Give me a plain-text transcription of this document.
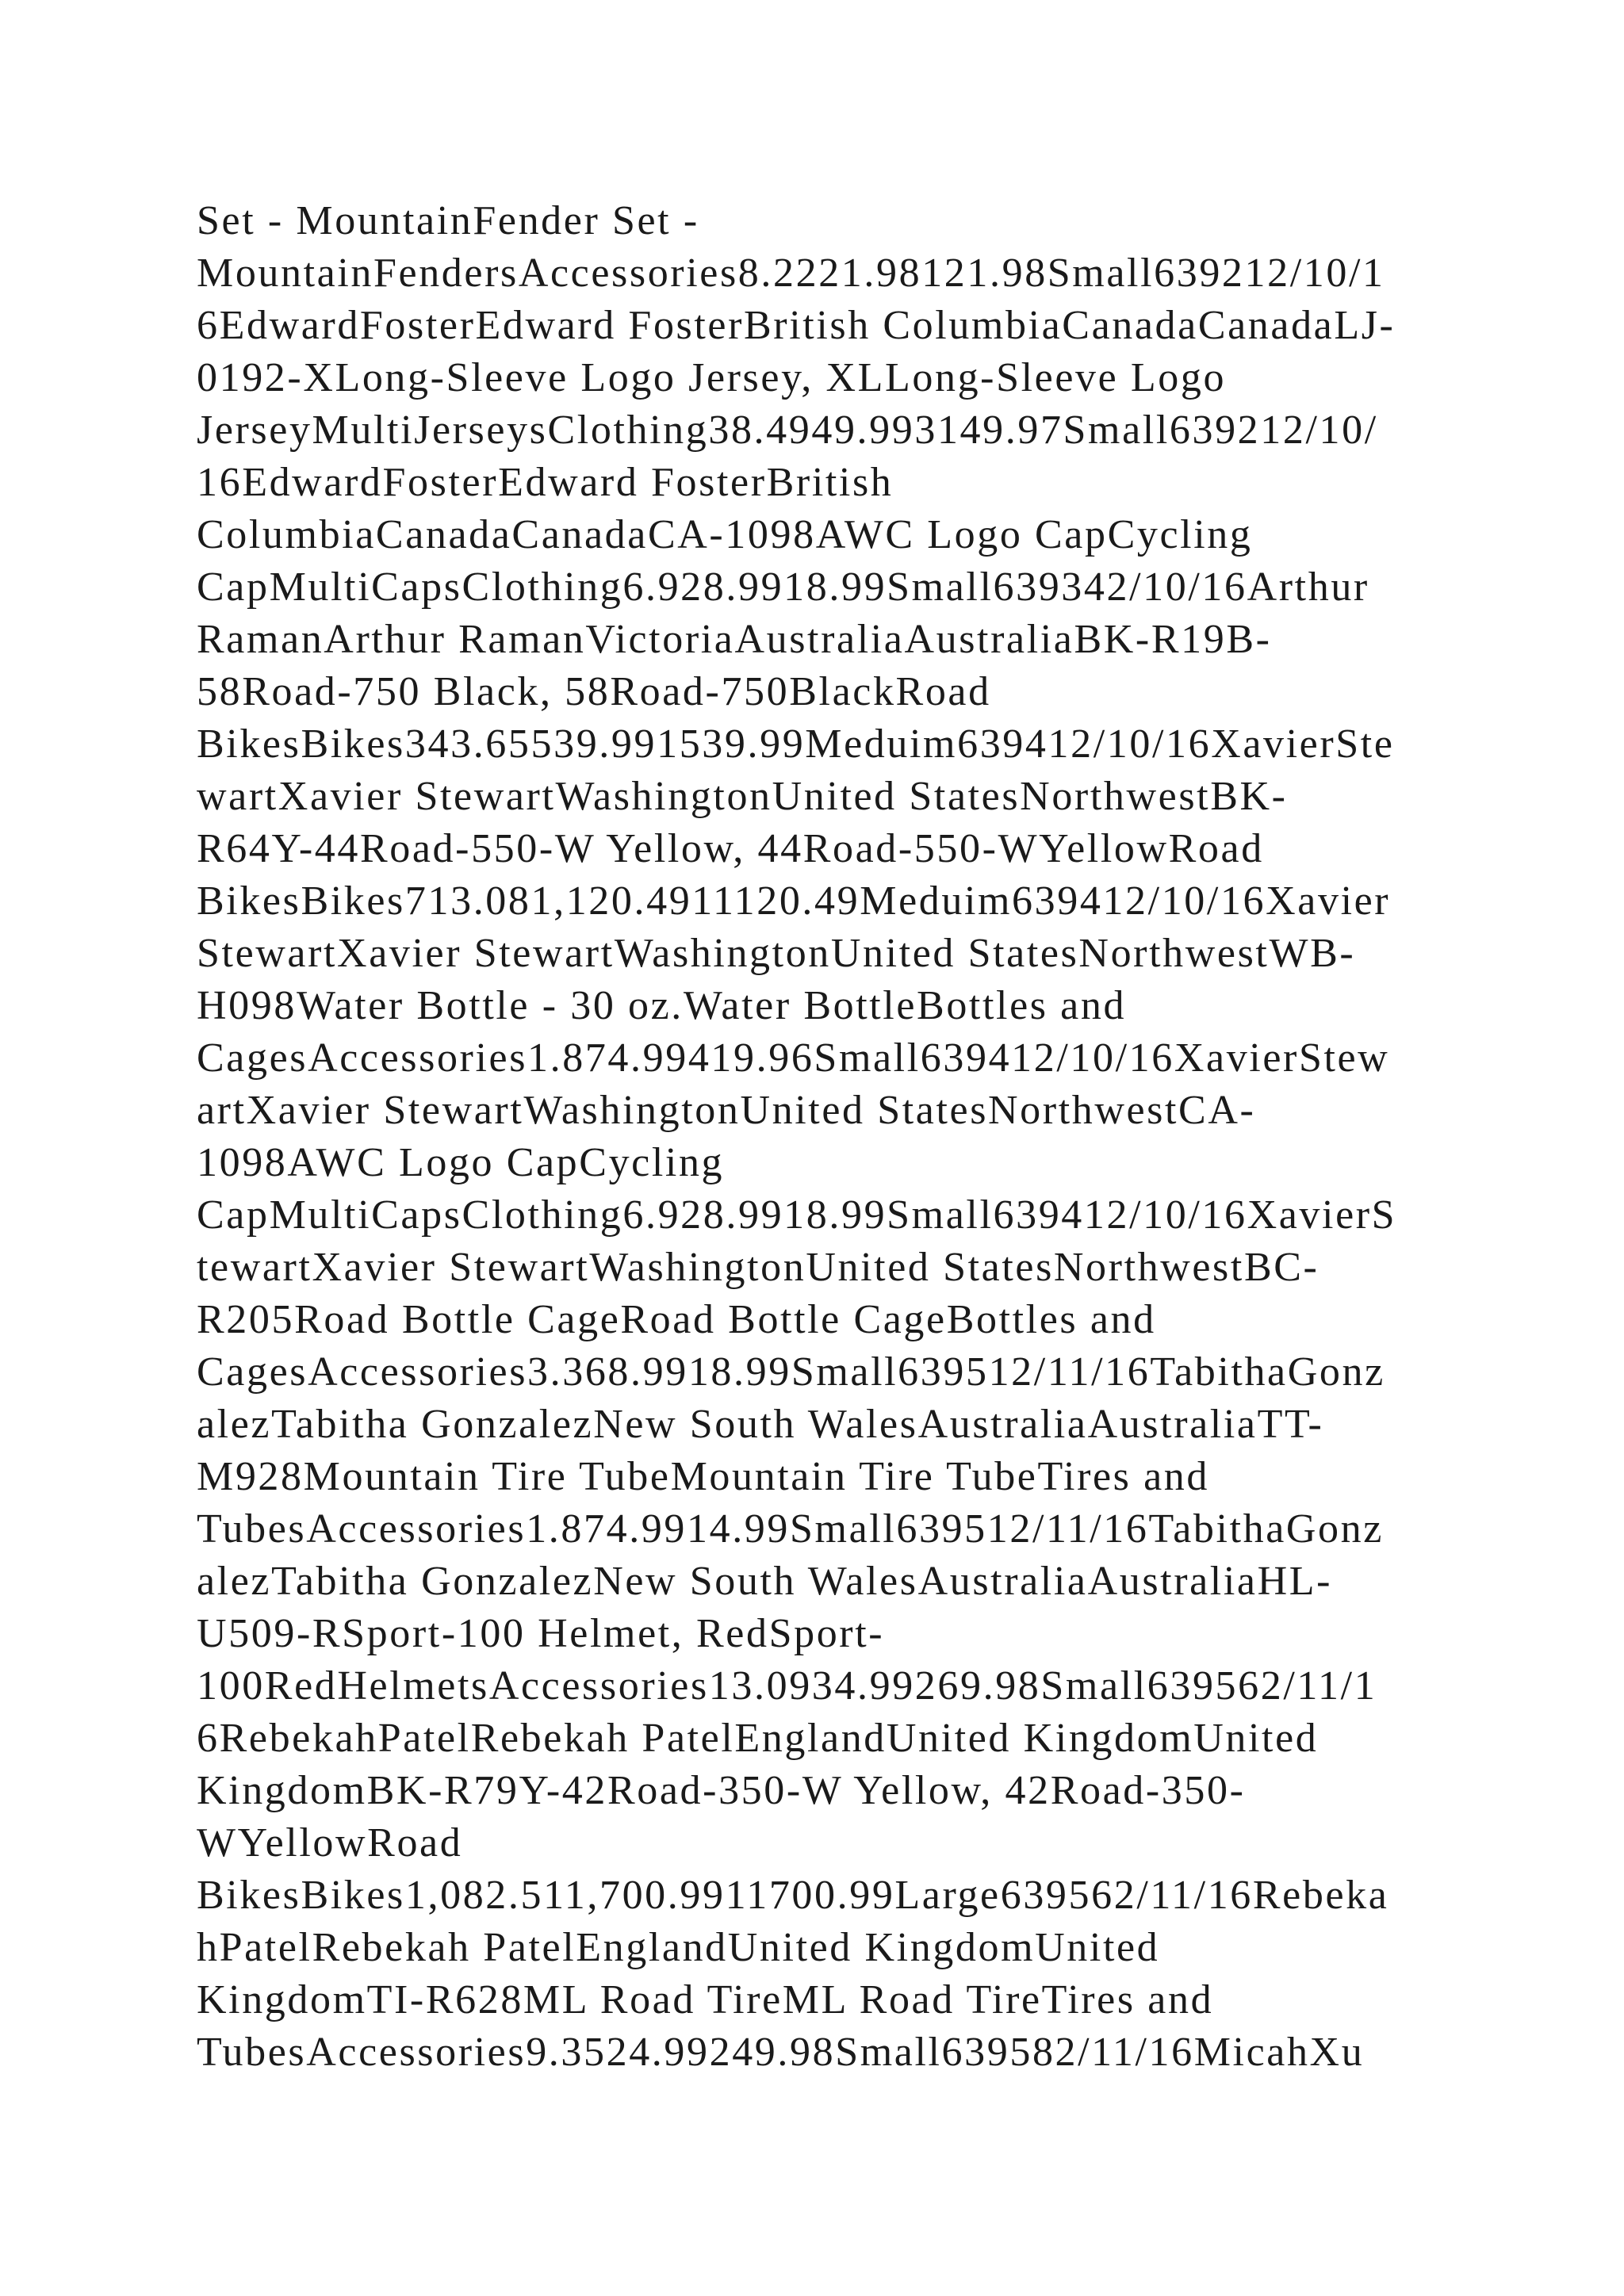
Set - MountainFender Set -
MountainFendersAccessories8.2221.98121.98Small639212/10/1
6EdwardFosterEdward FosterBritish ColumbiaCanadaCanadaLJ-
0192-XLong-Sleeve Logo Jersey, XLLong-Sleeve Logo
JerseyMultiJerseysClothing38.4949.993149.97Small639212/10/
16EdwardFosterEdward FosterBritish
ColumbiaCanadaCanadaCA-1098AWC Logo CapCycling
CapMultiCapsClothing6.928.9918.99Small639342/10/16Arthur
RamanArthur RamanVictoriaAustraliaAustraliaBK-R19B-
58Road-750 Black, 58Road-750BlackRoad
BikesBikes343.65539.991539.99Meduim639412/10/16XavierSte
wartXavier StewartWashingtonUnited StatesNorthwestBK-
R64Y-44Road-550-W Yellow, 44Road-550-WYellowRoad
BikesBikes713.081,120.4911120.49Meduim639412/10/16Xavier
StewartXavier StewartWashingtonUnited StatesNorthwestWB-
H098Water Bottle - 30 oz.Water BottleBottles and
CagesAccessories1.874.99419.96Small639412/10/16XavierStew
artXavier StewartWashingtonUnited StatesNorthwestCA-
1098AWC Logo CapCycling
CapMultiCapsClothing6.928.9918.99Small639412/10/16XavierS
tewartXavier StewartWashingtonUnited StatesNorthwestBC-
R205Road Bottle CageRoad Bottle CageBottles and
CagesAccessories3.368.9918.99Small639512/11/16TabithaGonz
alezTabitha GonzalezNew South WalesAustraliaAustraliaTT-
M928Mountain Tire TubeMountain Tire TubeTires and
TubesAccessories1.874.9914.99Small639512/11/16TabithaGonz
alezTabitha GonzalezNew South WalesAustraliaAustraliaHL-
U509-RSport-100 Helmet, RedSport-
100RedHelmetsAccessories13.0934.99269.98Small639562/11/1
6RebekahPatelRebekah PatelEnglandUnited KingdomUnited
KingdomBK-R79Y-42Road-350-W Yellow, 42Road-350-
WYellowRoad
BikesBikes1,082.511,700.9911700.99Large639562/11/16Rebeka
hPatelRebekah PatelEnglandUnited KingdomUnited
KingdomTI-R628ML Road TireML Road TireTires and
TubesAccessories9.3524.99249.98Small639582/11/16MicahXu
